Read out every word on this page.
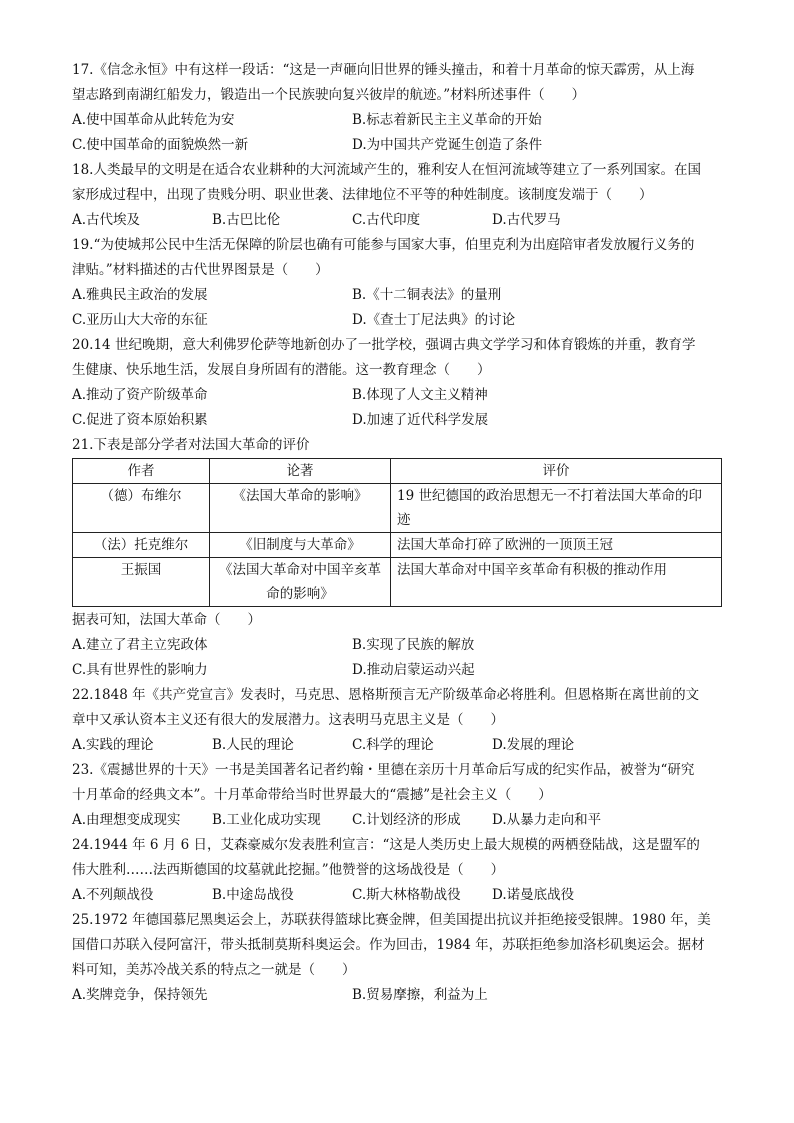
17.《信念永恒》中有这样一段话：“这是一声砸向旧世界的锤头撞击，和着十月革命的惊天霹雳，从上海
望志路到南湖红船发力，锻造出一个民族驶向复兴彼岸的航迹。”材料所述事件（　　）
A.使中国革命从此转危为安	B.标志着新民主主义革命的开始
C.使中国革命的面貌焕然一新	D.为中国共产党诞生创造了条件
18.人类最早的文明是在适合农业耕种的大河流域产生的，雅利安人在恒河流域等建立了一系列国家。在国
家形成过程中，出现了贵贱分明、职业世袭、法律地位不平等的种姓制度。该制度发端于（　　）
A.古代埃及	B.古巴比伦	C.古代印度	D.古代罗马
19.“为使城邦公民中生活无保障的阶层也确有可能参与国家大事，伯里克利为出庭陪审者发放履行义务的
津贴。”材料描述的古代世界图景是（　　）
A.雅典民主政治的发展	B.《十二铜表法》的量刑
C.亚历山大大帝的东征	D.《查士丁尼法典》的讨论
20.14 世纪晚期，意大利佛罗伦萨等地新创办了一批学校，强调古典文学学习和体育锻炼的并重，教育学
生健康、快乐地生活，发展自身所固有的潜能。这一教育理念（　　）
A.推动了资产阶级革命	B.体现了人文主义精神
C.促进了资本原始积累	D.加速了近代科学发展
21.下表是部分学者对法国大革命的评价
作者	论著	评价
（德）布维尔	《法国大革命的影响》	19 世纪德国的政治思想无一不打着法国大革命的印迹
（法）托克维尔	《旧制度与大革命》	法国大革命打碎了欧洲的一顶顶王冠
王振国	《法国大革命对中国辛亥革命的影响》	法国大革命对中国辛亥革命有积极的推动作用
据表可知，法国大革命（　　）
A.建立了君主立宪政体	B.实现了民族的解放
C.具有世界性的影响力	D.推动启蒙运动兴起
22.1848 年《共产党宣言》发表时，马克思、恩格斯预言无产阶级革命必将胜利。但恩格斯在离世前的文
章中又承认资本主义还有很大的发展潜力。这表明马克思主义是（　　）
A.实践的理论	B.人民的理论	C.科学的理论	D.发展的理论
23.《震撼世界的十天》一书是美国著名记者约翰・里德在亲历十月革命后写成的纪实作品，被誉为“研究
十月革命的经典文本”。十月革命带给当时世界最大的“震撼”是社会主义（　　）
A.由理想变成现实	B.工业化成功实现	C.计划经济的形成	D.从暴力走向和平
24.1944 年 6 月 6 日，艾森豪威尔发表胜利宣言：“这是人类历史上最大规模的两栖登陆战，这是盟军的
伟大胜利……法西斯德国的坟墓就此挖掘。”他赞誉的这场战役是（　　）
A.不列颠战役	B.中途岛战役	C.斯大林格勒战役	D.诺曼底战役
25.1972 年德国慕尼黑奥运会上，苏联获得篮球比赛金牌，但美国提出抗议并拒绝接受银牌。1980 年，美
国借口苏联入侵阿富汗，带头抵制莫斯科奥运会。作为回击，1984 年，苏联拒绝参加洛杉矶奥运会。据材
料可知，美苏冷战关系的特点之一就是（　　）
A.奖牌竞争，保持领先	B.贸易摩擦，利益为上
